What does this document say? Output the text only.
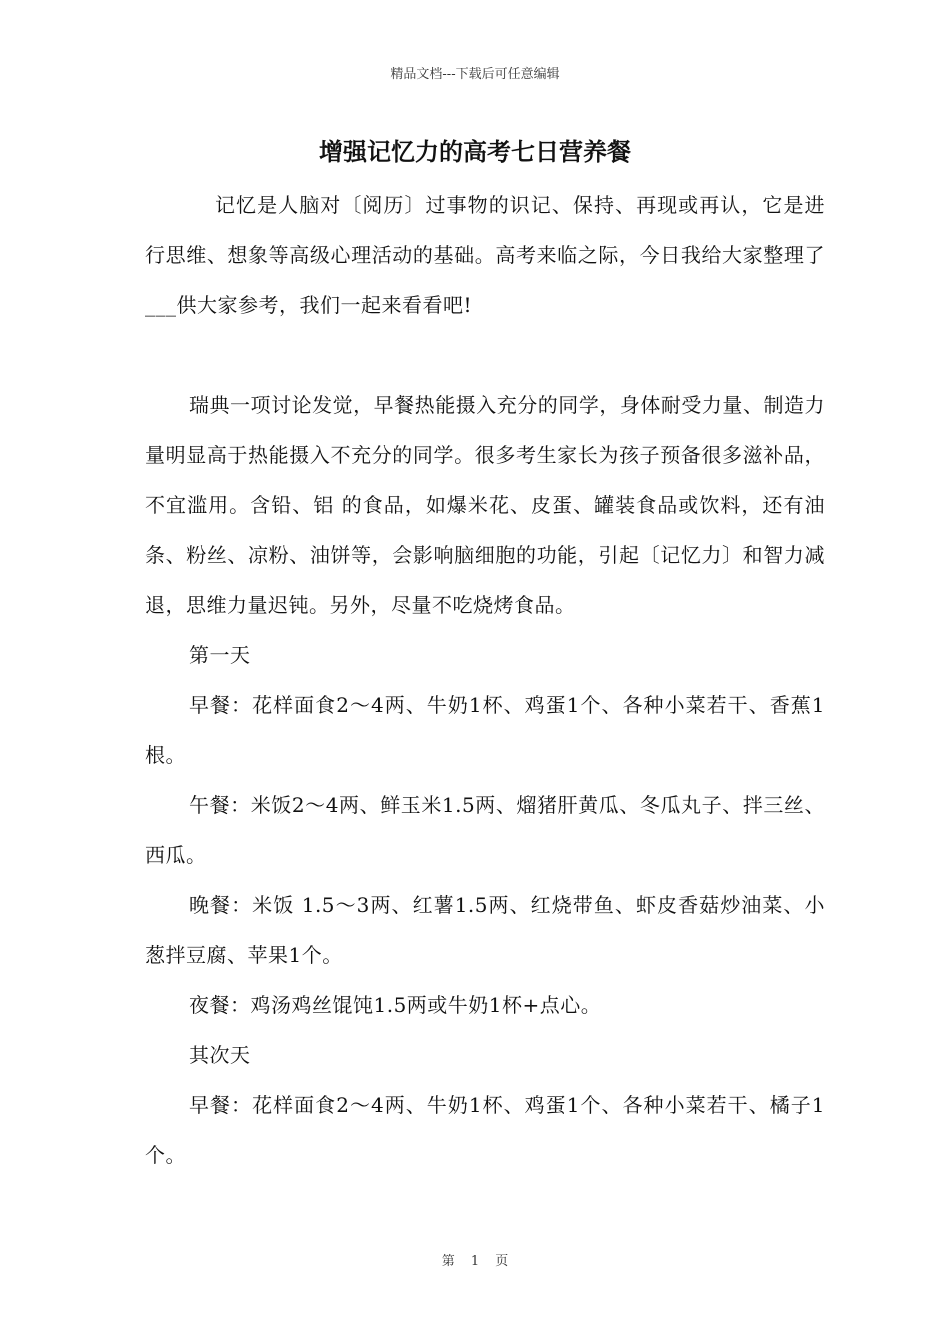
精品文档---下载后可任意编辑
增强记忆力的高考七日营养餐

记忆是人脑对〔阅历〕过事物的识记、保持、再现或再认，它是进行思维、想象等高级心理活动的基础。高考来临之际，今日我给大家整理了___供大家参考，我们一起来看看吧!

瑞典一项讨论发觉，早餐热能摄入充分的同学，身体耐受力量、制造力量明显高于热能摄入不充分的同学。很多考生家长为孩子预备很多滋补品，不宜滥用。含铅、铝 的食品，如爆米花、皮蛋、罐装食品或饮料，还有油条、粉丝、凉粉、油饼等，会影响脑细胞的功能，引起〔记忆力〕和智力减退，思维力量迟钝。另外，尽量不吃烧烤食品。

第一天

早餐：花样面食2～4两、牛奶1杯、鸡蛋1个、各种小菜若干、香蕉1根。

午餐：米饭2～4两、鲜玉米1.5两、熘猪肝黄瓜、冬瓜丸子、拌三丝、西瓜。

晚餐：米饭 1.5～3两、红薯1.5两、红烧带鱼、虾皮香菇炒油菜、小葱拌豆腐、苹果1个。

夜餐：鸡汤鸡丝馄饨1.5两或牛奶1杯+点心。

其次天

早餐：花样面食2～4两、牛奶1杯、鸡蛋1个、各种小菜若干、橘子1个。

第 1 页
